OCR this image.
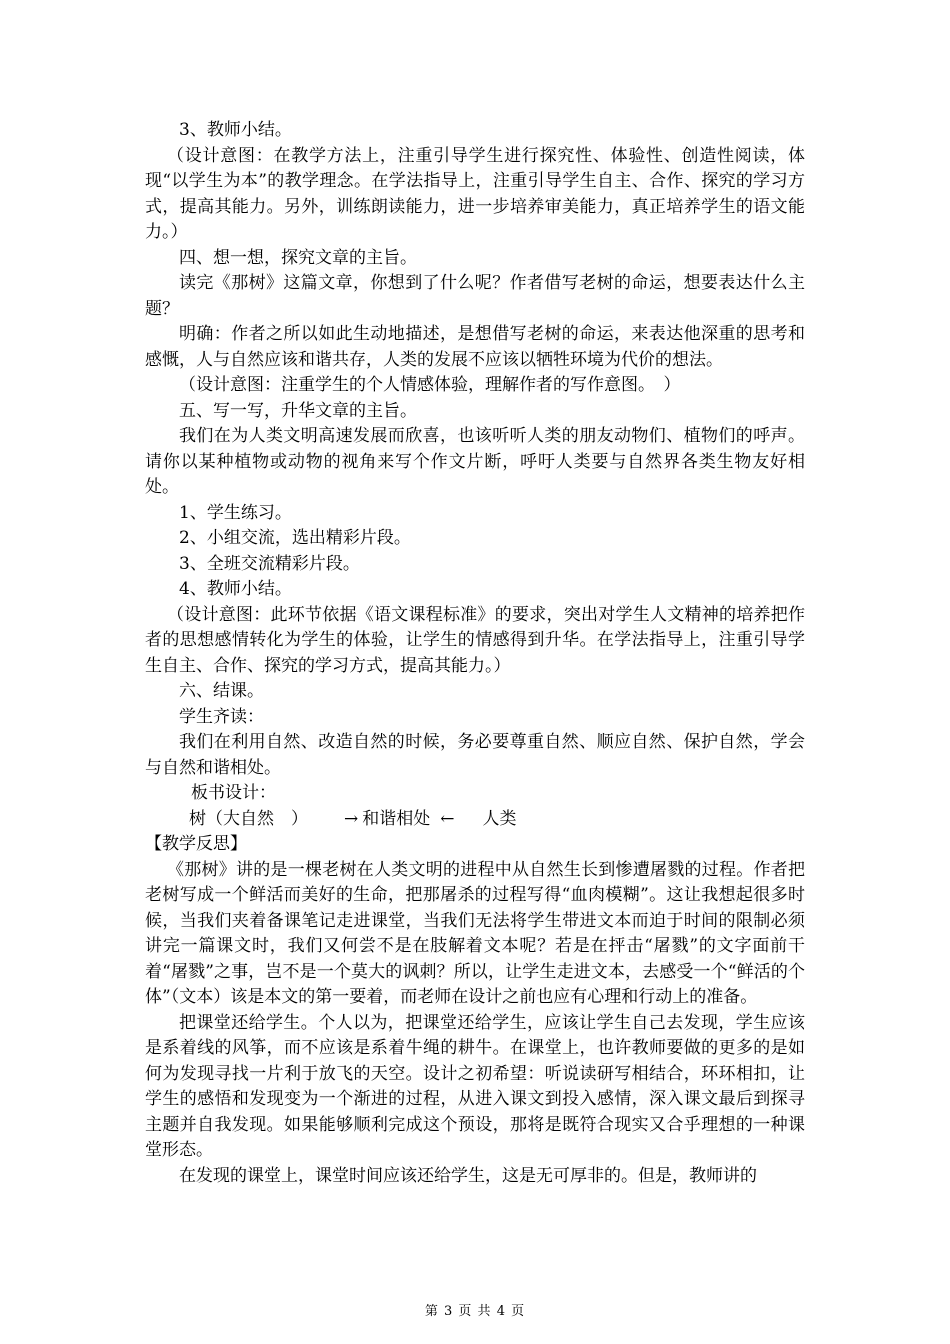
3、教师小结。

（设计意图：在教学方法上，注重引导学生进行探究性、体验性、创造性阅读，体现“以学生为本”的教学理念。在学法指导上，注重引导学生自主、合作、探究的学习方式，提高其能力。另外，训练朗读能力，进一步培养审美能力，真正培养学生的语文能力。）

四、想一想，探究文章的主旨。

读完《那树》这篇文章，你想到了什么呢？作者借写老树的命运，想要表达什么主题？

明确：作者之所以如此生动地描述，是想借写老树的命运，来表达他深重的思考和感慨，人与自然应该和谐共存，人类的发展不应该以牺牲环境为代价的想法。

（设计意图：注重学生的个人情感体验，理解作者的写作意图。　）

五、写一写，升华文章的主旨。

我们在为人类文明高速发展而欣喜，也该听听人类的朋友动物们、植物们的呼声。请你以某种植物或动物的视角来写个作文片断，呼吁人类要与自然界各类生物友好相处。

1、学生练习。

2、小组交流，选出精彩片段。

3、全班交流精彩片段。

4、教师小结。

（设计意图：此环节依据《语文课程标准》的要求，突出对学生人文精神的培养把作者的思想感情转化为学生的体验，让学生的情感得到升华。在学法指导上，注重引导学生自主、合作、探究的学习方式，提高其能力。）

六、结课。

学生齐读：

我们在利用自然、改造自然的时候，务必要尊重自然、顺应自然、保护自然，学会与自然和谐相处。

板书设计：

树（大自然　） → 和谐相处 ← 人类

【教学反思】

《那树》讲的是一棵老树在人类文明的进程中从自然生长到惨遭屠戮的过程。作者把老树写成一个鲜活而美好的生命，把那屠杀的过程写得“血肉模糊”。这让我想起很多时候，当我们夹着备课笔记走进课堂，当我们无法将学生带进文本而迫于时间的限制必须讲完一篇课文时，我们又何尝不是在肢解着文本呢？若是在抨击“屠戮”的文字面前干着“屠戮”之事，岂不是一个莫大的讽刺？所以，让学生走进文本，去感受一个“鲜活的个体”（文本）该是本文的第一要着，而老师在设计之前也应有心理和行动上的准备。

把课堂还给学生。个人以为，把课堂还给学生，应该让学生自己去发现，学生应该是系着线的风筝，而不应该是系着牛绳的耕牛。在课堂上，也许教师要做的更多的是如何为发现寻找一片利于放飞的天空。设计之初希望：听说读研写相结合，环环相扣，让学生的感悟和发现变为一个渐进的过程，从进入课文到投入感情，深入课文最后到探寻主题并自我发现。如果能够顺利完成这个预设，那将是既符合现实又合乎理想的一种课堂形态。

在发现的课堂上，课堂时间应该还给学生，这是无可厚非的。但是，教师讲的

第 3 页 共 4 页
